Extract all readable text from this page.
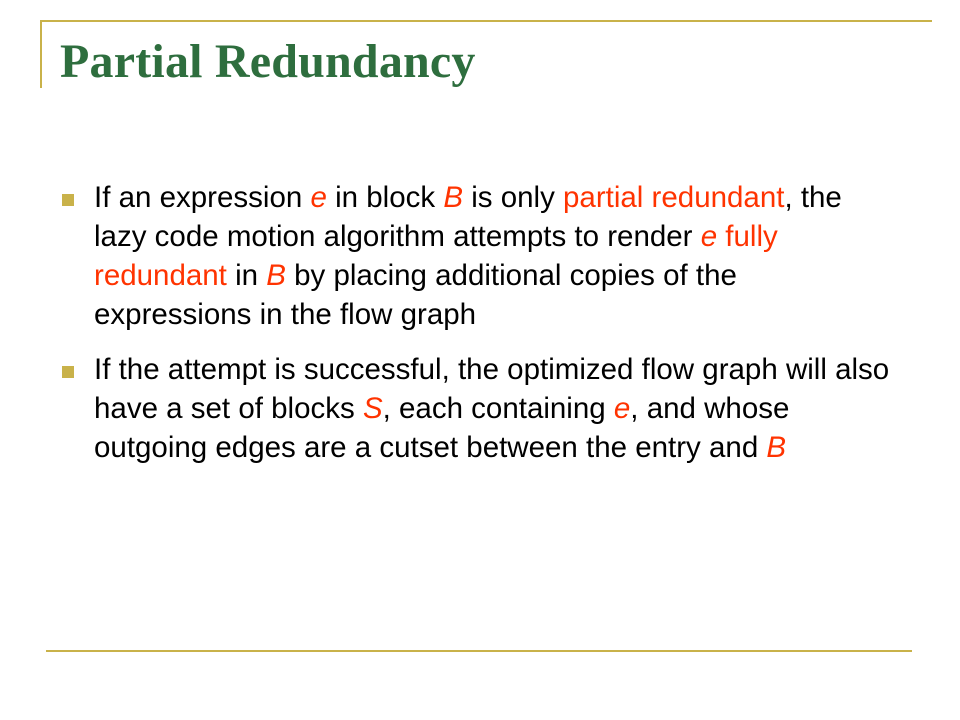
Partial Redundancy
If an expression e in block B is only partial redundant, the lazy code motion algorithm attempts to render e fully redundant in B by placing additional copies of the expressions in the flow graph
If the attempt is successful, the optimized flow graph will also have a set of blocks S, each containing e, and whose outgoing edges are a cutset between the entry and B
